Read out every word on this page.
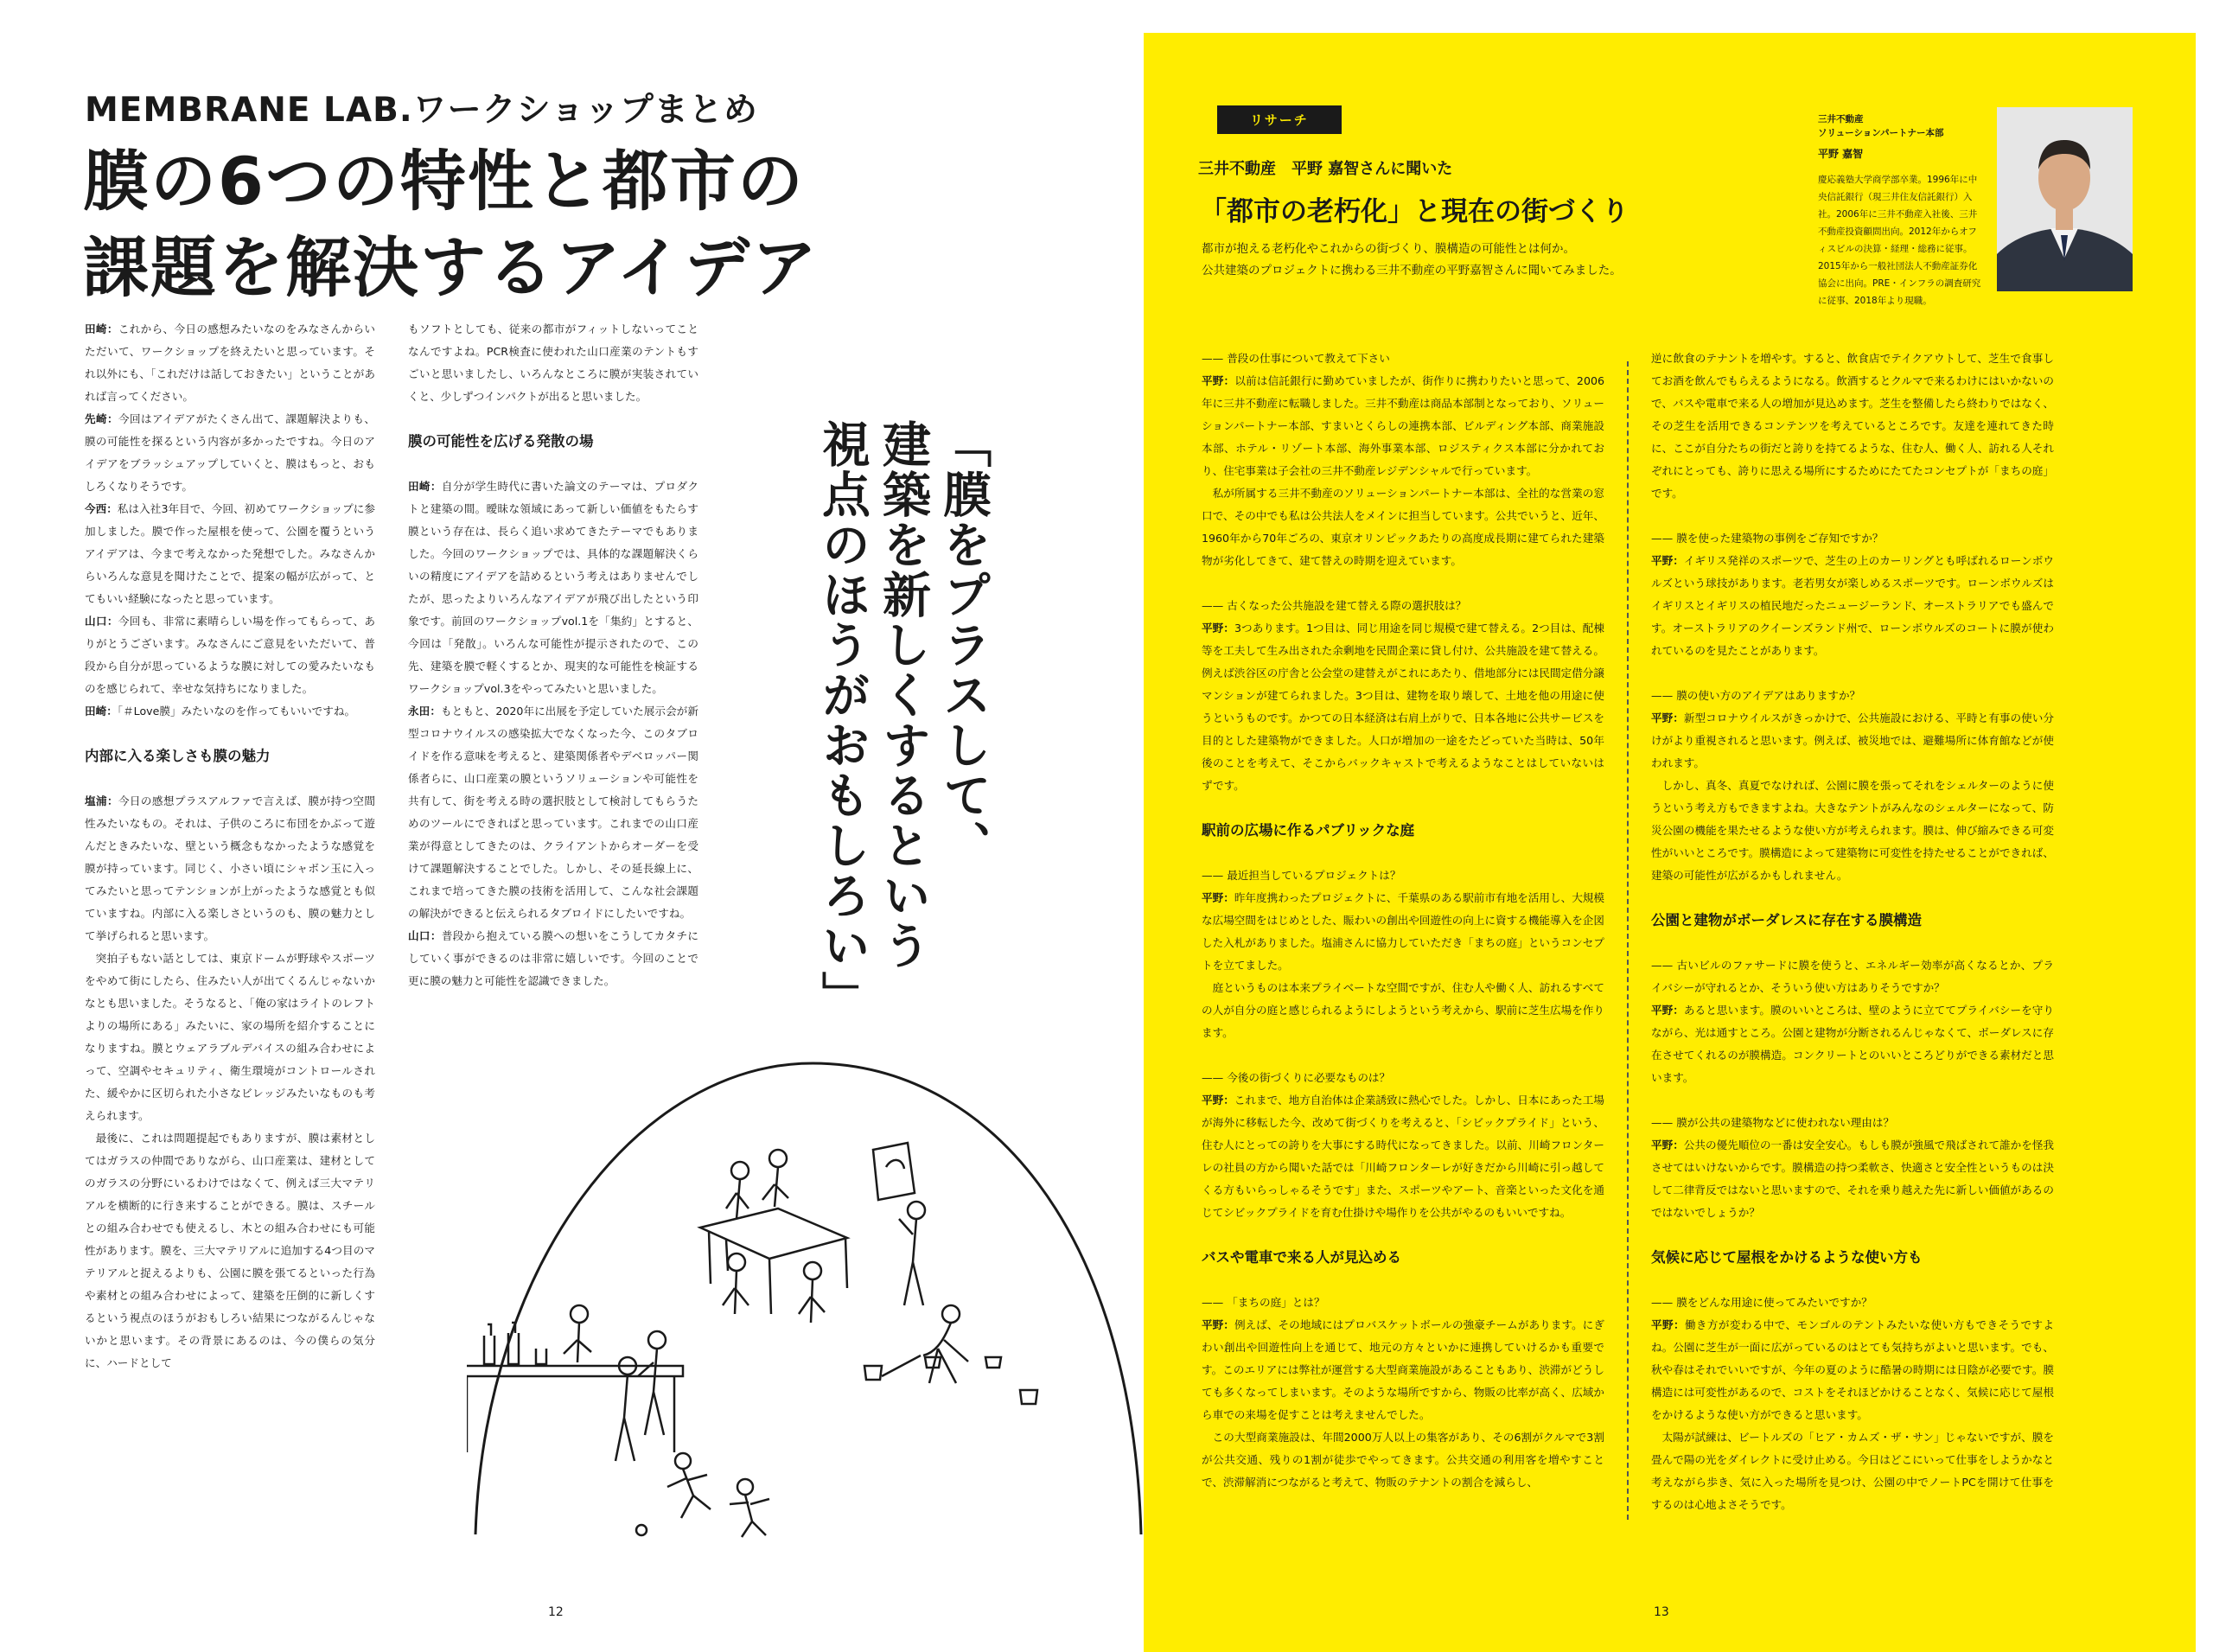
MEMBRANE LAB.ワークショップまとめ
膜の6つの特性と都市の
課題を解決するアイデア

田崎：これから、今日の感想みたいなのをみなさんからいただいて、ワークショップを終えたいと思っています。それ以外にも、「これだけは話しておきたい」ということがあれば言ってください。

先崎：今回はアイデアがたくさん出て、課題解決よりも、膜の可能性を探るという内容が多かったですね。今日のアイデアをブラッシュアップしていくと、膜はもっと、おもしろくなりそうです。

今西：私は入社3年目で、今回、初めてワークショップに参加しました。膜で作った屋根を使って、公園を覆うというアイデアは、今まで考えなかった発想でした。みなさんからいろんな意見を聞けたことで、提案の幅が広がって、とてもいい経験になったと思っています。

山口：今回も、非常に素晴らしい場を作ってもらって、ありがとうございます。みなさんにご意見をいただいて、普段から自分が思っているような膜に対しての愛みたいなものを感じられて、幸せな気持ちになりました。

田崎：「＃Love膜」みたいなのを作ってもいいですね。

内部に入る楽しさも膜の魅力

塩浦：今日の感想プラスアルファで言えば、膜が持つ空間性みたいなもの。それは、子供のころに布団をかぶって遊んだときみたいな、壁という概念もなかったような感覚を膜が持っています。同じく、小さい頃にシャボン玉に入ってみたいと思ってテンションが上がったような感覚とも似ていますね。内部に入る楽しさというのも、膜の魅力として挙げられると思います。

突拍子もない話としては、東京ドームが野球やスポーツをやめて街にしたら、住みたい人が出てくるんじゃないかなとも思いました。そうなると、「俺の家はライトのレフトよりの場所にある」みたいに、家の場所を紹介することになりますね。膜とウェアラブルデバイスの組み合わせによって、空調やセキュリティ、衛生環境がコントロールされた、緩やかに区切られた小さなビレッジみたいなものも考えられます。

最後に、これは問題提起でもありますが、膜は素材としてはガラスの仲間でありながら、山口産業は、建材としてのガラスの分野にいるわけではなくて、例えば三大マテリアルを横断的に行き来することができる。膜は、スチールとの組み合わせでも使えるし、木との組み合わせにも可能性があります。膜を、三大マテリアルに追加する4つ目のマテリアルと捉えるよりも、公園に膜を張てるといった行為や素材との組み合わせによって、建築を圧倒的に新しくするという視点のほうがおもしろい結果につながるんじゃないかと思います。その背景にあるのは、今の僕らの気分に、ハードとして

もソフトとしても、従来の都市がフィットしないってことなんですよね。PCR検査に使われた山口産業のテントもすごいと思いましたし、いろんなところに膜が実装されていくと、少しずつインパクトが出ると思いました。

膜の可能性を広げる発散の場

田崎：自分が学生時代に書いた論文のテーマは、プロダクトと建築の間。曖昧な領域にあって新しい価値をもたらす膜という存在は、長らく追い求めてきたテーマでもありました。今回のワークショップでは、具体的な課題解決くらいの精度にアイデアを詰めるという考えはありませんでしたが、思ったよりいろんなアイデアが飛び出したという印象です。前回のワークショップvol.1を「集約」とすると、今回は「発散」。いろんな可能性が提示されたので、この先、建築を膜で軽くするとか、現実的な可能性を検証するワークショップvol.3をやってみたいと思いました。

永田：もともと、2020年に出展を予定していた展示会が新型コロナウイルスの感染拡大でなくなった今、このタブロイドを作る意味を考えると、建築関係者やデベロッパー関係者らに、山口産業の膜というソリューションや可能性を共有して、街を考える時の選択肢として検討してもらうためのツールにできればと思っています。これまでの山口産業が得意としてきたのは、クライアントからオーダーを受けて課題解決することでした。しかし、その延長線上に、これまで培ってきた膜の技術を活用して、こんな社会課題の解決ができると伝えられるタブロイドにしたいですね。

山口：普段から抱えている膜への想いをこうしてカタチにしていく事ができるのは非常に嬉しいです。今回のことで更に膜の魅力と可能性を認識できました。

「膜をプラスして、
建築を新しくするという
視点のほうがおもしろい」
12	13
リサーチ
三井不動産　平野 嘉智さんに聞いた
「都市の老朽化」と現在の街づくり
都市が抱える老朽化やこれからの街づくり、膜構造の可能性とは何か。
公共建築のプロジェクトに携わる三井不動産の平野嘉智さんに聞いてみました。
三井不動産
ソリューションパートナー本部
平野 嘉智
慶応義塾大学商学部卒業。1996年に中央信託銀行（現三井住友信託銀行）入社。2006年に三井不動産入社後、三井不動産投資顧問出向。2012年からオフィスビルの決算・経理・総務に従事。2015年から一般社団法人不動産証券化協会に出向。PRE・インフラの調査研究に従事、2018年より現職。

—— 普段の仕事について教えて下さい

平野：以前は信託銀行に勤めていましたが、街作りに携わりたいと思って、2006年に三井不動産に転職しました。三井不動産は商品本部制となっており、ソリューションパートナー本部、すまいとくらしの連携本部、ビルディング本部、商業施設本部、ホテル・リゾート本部、海外事業本部、ロジスティクス本部に分かれており、住宅事業は子会社の三井不動産レジデンシャルで行っています。

私が所属する三井不動産のソリューションパートナー本部は、全社的な営業の窓口で、その中でも私は公共法人をメインに担当しています。公共でいうと、近年、1960年から70年ごろの、東京オリンピックあたりの高度成長期に建てられた建築物が劣化してきて、建て替えの時期を迎えています。

—— 古くなった公共施設を建て替える際の選択肢は？

平野：3つあります。1つ目は、同じ用途を同じ規模で建て替える。2つ目は、配棟等を工夫して生み出された余剰地を民間企業に貸し付け、公共施設を建て替える。例えば渋谷区の庁舎と公会堂の建替えがこれにあたり、借地部分には民間定借分譲マンションが建てられました。3つ目は、建物を取り壊して、土地を他の用途に使うというものです。かつての日本経済は右肩上がりで、日本各地に公共サービスを目的とした建築物ができました。人口が増加の一途をたどっていた当時は、50年後のことを考えて、そこからバックキャストで考えるようなことはしていないはずです。

駅前の広場に作るパブリックな庭

—— 最近担当しているプロジェクトは？

平野：昨年度携わったプロジェクトに、千葉県のある駅前市有地を活用し、大規模な広場空間をはじめとした、賑わいの創出や回遊性の向上に資する機能導入を企図した入札がありました。塩浦さんに協力していただき「まちの庭」というコンセプトを立てました。

庭というものは本来プライベートな空間ですが、住む人や働く人、訪れるすべての人が自分の庭と感じられるようにしようという考えから、駅前に芝生広場を作ります。

—— 今後の街づくりに必要なものは？

平野：これまで、地方自治体は企業誘致に熱心でした。しかし、日本にあった工場が海外に移転した今、改めて街づくりを考えると、「シビックプライド」という、住む人にとっての誇りを大事にする時代になってきました。以前、川崎フロンターレの社員の方から聞いた話では「川崎フロンターレが好きだから川崎に引っ越してくる方もいらっしゃるそうです」また、スポーツやアート、音楽といった文化を通じてシビックプライドを育む仕掛けや場作りを公共がやるのもいいですね。

バスや電車で来る人が見込める

—— 「まちの庭」とは？

平野：例えば、その地域にはプロバスケットボールの強豪チームがあります。にぎわい創出や回遊性向上を通じて、地元の方々といかに連携していけるかも重要です。このエリアには弊社が運営する大型商業施設があることもあり、渋滞がどうしても多くなってしまいます。そのような場所ですから、物販の比率が高く、広域から車での来場を促すことは考えませんでした。

この大型商業施設は、年間2000万人以上の集客があり、その6割がクルマで3割が公共交通、残りの1割が徒歩でやってきます。公共交通の利用客を増やすことで、渋滞解消につながると考えて、物販のテナントの割合を減らし、

逆に飲食のテナントを増やす。すると、飲食店でテイクアウトして、芝生で食事してお酒を飲んでもらえるようになる。飲酒するとクルマで来るわけにはいかないので、バスや電車で来る人の増加が見込めます。芝生を整備したら終わりではなく、その芝生を活用できるコンテンツを考えているところです。友達を連れてきた時に、ここが自分たちの街だと誇りを持てるような、住む人、働く人、訪れる人それぞれにとっても、誇りに思える場所にするためにたてたコンセプトが「まちの庭」です。

—— 膜を使った建築物の事例をご存知ですか？

平野：イギリス発祥のスポーツで、芝生の上のカーリングとも呼ばれるローンボウルズという球技があります。老若男女が楽しめるスポーツです。ローンボウルズはイギリスとイギリスの植民地だったニュージーランド、オーストラリアでも盛んです。オーストラリアのクイーンズランド州で、ローンボウルズのコートに膜が使われているのを見たことがあります。

—— 膜の使い方のアイデアはありますか？

平野：新型コロナウイルスがきっかけで、公共施設における、平時と有事の使い分けがより重視されると思います。例えば、被災地では、避難場所に体育館などが使われます。

しかし、真冬、真夏でなければ、公園に膜を張ってそれをシェルターのように使うという考え方もできますよね。大きなテントがみんなのシェルターになって、防災公園の機能を果たせるような使い方が考えられます。膜は、伸び縮みできる可変性がいいところです。膜構造によって建築物に可変性を持たせることができれば、建築の可能性が広がるかもしれません。

公園と建物がボーダレスに存在する膜構造

—— 古いビルのファサードに膜を使うと、エネルギー効率が高くなるとか、プライバシーが守れるとか、そういう使い方はありそうですか？

平野：あると思います。膜のいいところは、壁のように立ててプライバシーを守りながら、光は通すところ。公園と建物が分断されるんじゃなくて、ボーダレスに存在させてくれるのが膜構造。コンクリートとのいいところどりができる素材だと思います。

—— 膜が公共の建築物などに使われない理由は？

平野：公共の優先順位の一番は安全安心。もしも膜が強風で飛ばされて誰かを怪我させてはいけないからです。膜構造の持つ柔軟さ、快適さと安全性というものは決して二律背反ではないと思いますので、それを乗り越えた先に新しい価値があるのではないでしょうか？

気候に応じて屋根をかけるような使い方も

—— 膜をどんな用途に使ってみたいですか？

平野：働き方が変わる中で、モンゴルのテントみたいな使い方もできそうですよね。公園に芝生が一面に広がっているのはとても気持ちがよいと思います。でも、秋や春はそれでいいですが、今年の夏のように酷暑の時期には日陰が必要です。膜構造には可変性があるので、コストをそれほどかけることなく、気候に応じて屋根をかけるような使い方ができると思います。

太陽が試練は、ビートルズの「ヒア・カムズ・ザ・サン」じゃないですが、膜を畳んで陽の光をダイレクトに受け止める。今日はどこにいって仕事をしようかなと考えながら歩き、気に入った場所を見つけ、公園の中でノートPCを開けて仕事をするのは心地よさそうです。
